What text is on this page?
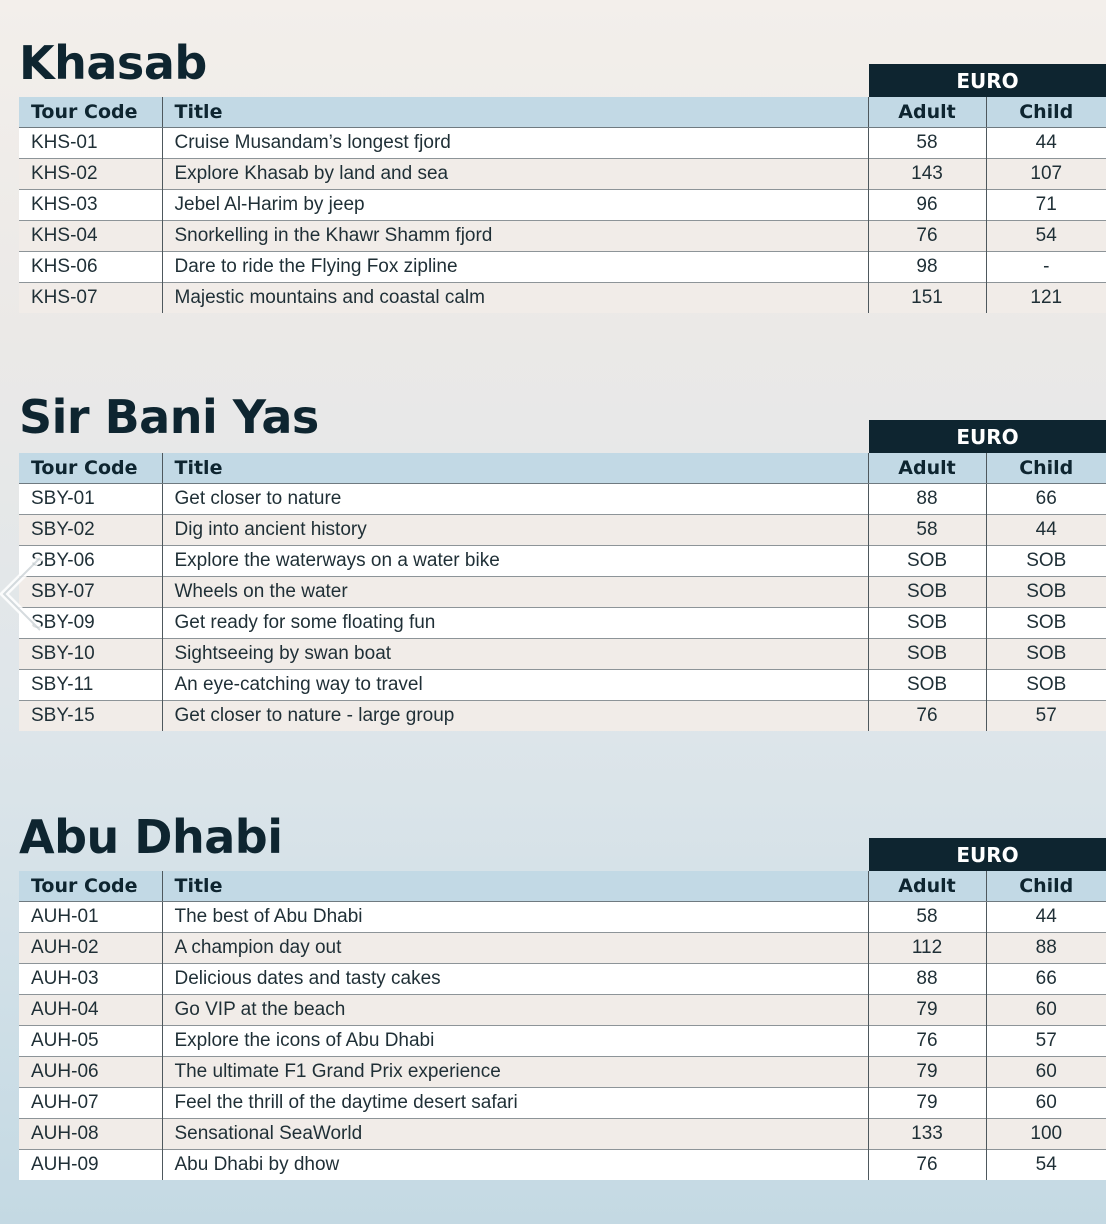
Khasab	EURO
Tour Code	Title	Adult	Child
KHS-01	Cruise Musandam’s longest fjord	58	44
KHS-02	Explore Khasab by land and sea	143	107
KHS-03	Jebel Al-Harim by jeep	96	71
KHS-04	Snorkelling in the Khawr Shamm fjord	76	54
KHS-06	Dare to ride the Flying Fox zipline	98	-
KHS-07	Majestic mountains and coastal calm	151	121
Sir Bani Yas	EURO
Tour Code	Title	Adult	Child
SBY-01	Get closer to nature	88	66
SBY-02	Dig into ancient history	58	44
SBY-06	Explore the waterways on a water bike	SOB	SOB
SBY-07	Wheels on the water	SOB	SOB
SBY-09	Get ready for some floating fun	SOB	SOB
SBY-10	Sightseeing by swan boat	SOB	SOB
SBY-11	An eye-catching way to travel	SOB	SOB
SBY-15	Get closer to nature - large group	76	57
Abu Dhabi	EURO
Tour Code	Title	Adult	Child
AUH-01	The best of Abu Dhabi	58	44
AUH-02	A champion day out	112	88
AUH-03	Delicious dates and tasty cakes	88	66
AUH-04	Go VIP at the beach	79	60
AUH-05	Explore the icons of Abu Dhabi	76	57
AUH-06	The ultimate F1 Grand Prix experience	79	60
AUH-07	Feel the thrill of the daytime desert safari	79	60
AUH-08	Sensational SeaWorld	133	100
AUH-09	Abu Dhabi by dhow	76	54
